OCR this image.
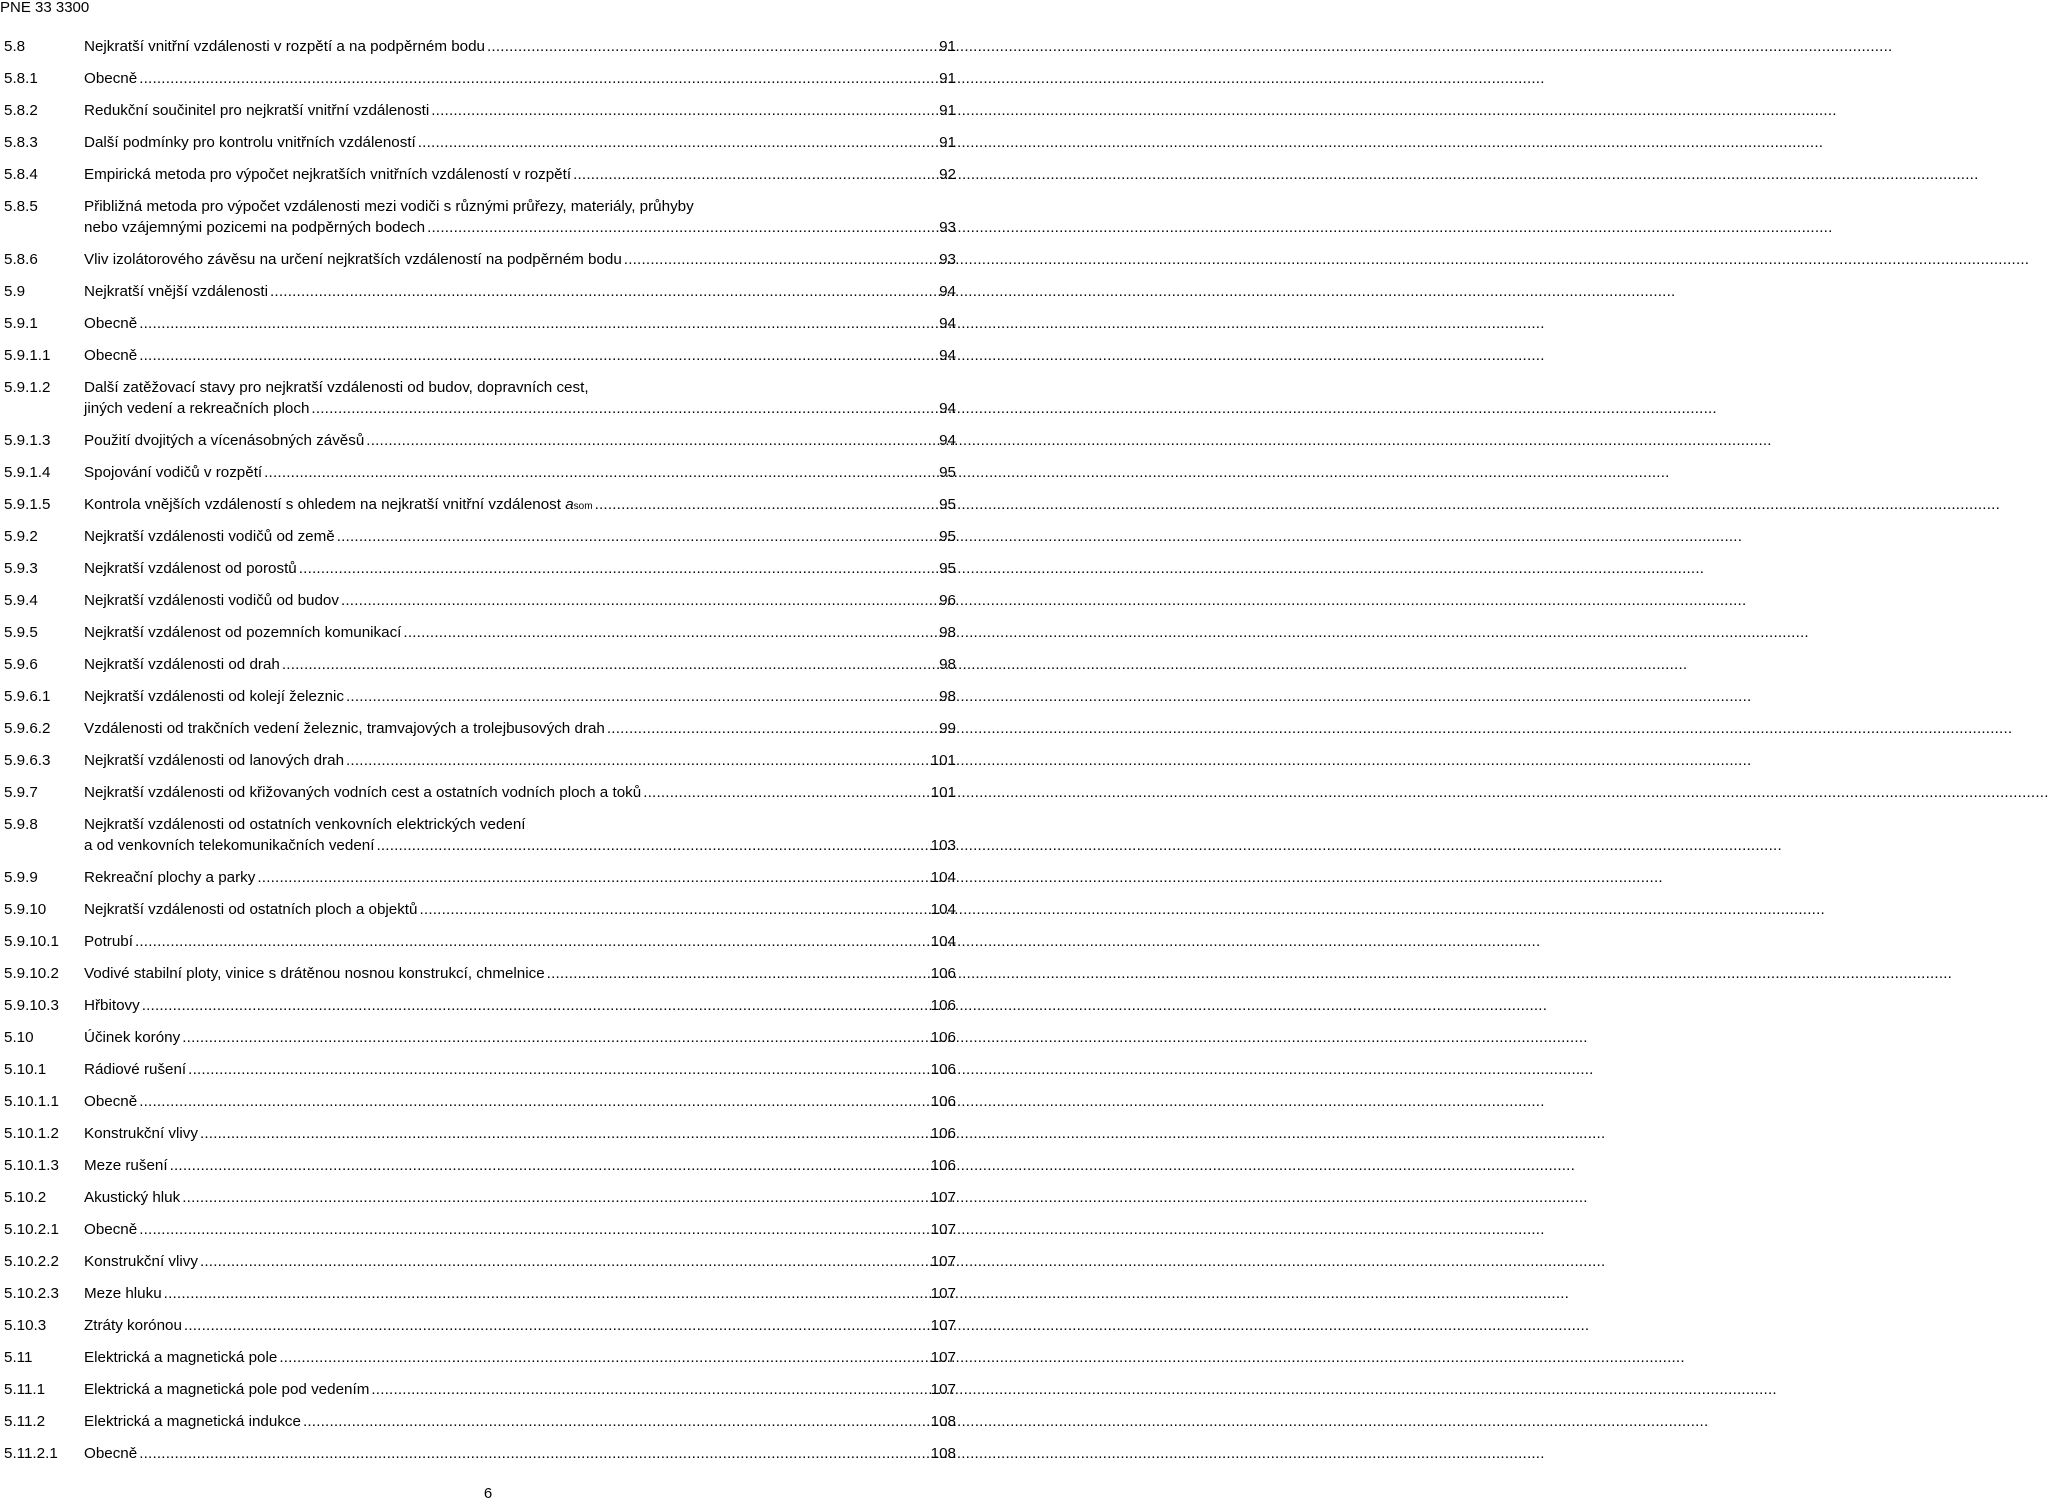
PNE 33 3300
5.8	Nejkratší vnitřní vzdálenosti v rozpětí a na podpěrném bodu .....	91
5.8.1	Obecně .....	91
5.8.2	Redukční součinitel pro nejkratší vnitřní vzdálenosti .....	91
5.8.3	Další podmínky pro kontrolu vnitřních vzdáleností .....	91
5.8.4	Empirická metoda pro výpočet nejkratších vnitřních vzdáleností v rozpětí .....	92
5.8.5	Přibližná metoda pro výpočet vzdálenosti mezi vodiči s různými průřezy, materiály, průhyby
nebo vzájemnými pozicemi na podpěrných bodech .....	93
5.8.6	Vliv izolátorového závěsu na určení nejkratších vzdáleností na podpěrném bodu .....	93
5.9	Nejkratší vnější vzdálenosti .....	94
5.9.1	Obecně .....	94
5.9.1.1 Obecně .....	94
5.9.1.2 Další zatěžovací stavy pro nejkratší vzdálenosti od budov, dopravních cest,
jiných vedení a rekreačních ploch .....	94
5.9.1.3 Použití dvojitých a vícenásobných závěsů .....	94
5.9.1.4 Spojování vodičů v rozpětí .....	95
5.9.1.5 Kontrola vnějších vzdáleností s ohledem na nejkratší vnitřní vzdálenost asom .....	95
5.9.2	Nejkratší vzdálenosti vodičů od země .....	95
5.9.3	Nejkratší vzdálenost od porostů .....	95
5.9.4	Nejkratší vzdálenosti vodičů od budov .....	96
5.9.5	Nejkratší vzdálenost od pozemních komunikací .....	98
5.9.6	Nejkratší vzdálenosti od drah .....	98
5.9.6.1 Nejkratší vzdálenosti od kolejí železnic .....	98
5.9.6.2 Vzdálenosti od trakčních vedení železnic, tramvajových a trolejbusových drah .....	99
5.9.6.3 Nejkratší vzdálenosti od lanových drah .....	101
5.9.7	Nejkratší vzdálenosti od křižovaných vodních cest a ostatních vodních ploch a toků .....	101
5.9.8	Nejkratší vzdálenosti od ostatních venkovních elektrických vedení
a od venkovních telekomunikačních vedení .....	103
5.9.9	Rekreační plochy a parky .....	104
5.9.10 Nejkratší vzdálenosti od ostatních ploch a objektů .....	104
5.9.10.1 Potrubí .....	104
5.9.10.2 Vodivé stabilní ploty, vinice s drátěnou nosnou konstrukcí, chmelnice .....	106
5.9.10.3 Hřbitovy .....	106
5.10	Účinek koróny .....	106
5.10.1 Rádiové rušení .....	106
5.10.1.1 Obecně .....	106
5.10.1.2 Konstrukční vlivy .....	106
5.10.1.3 Meze rušení .....	106
5.10.2 Akustický hluk .....	107
5.10.2.1 Obecně .....	107
5.10.2.2 Konstrukční vlivy .....	107
5.10.2.3 Meze hluku .....	107
5.10.3 Ztráty korónou .....	107
5.11	Elektrická a magnetická pole .....	107
5.11.1	Elektrická a magnetická pole pod vedením .....	107
5.11.2	Elektrická a magnetická indukce .....	108
5.11.2.1 Obecně .....	108
6
